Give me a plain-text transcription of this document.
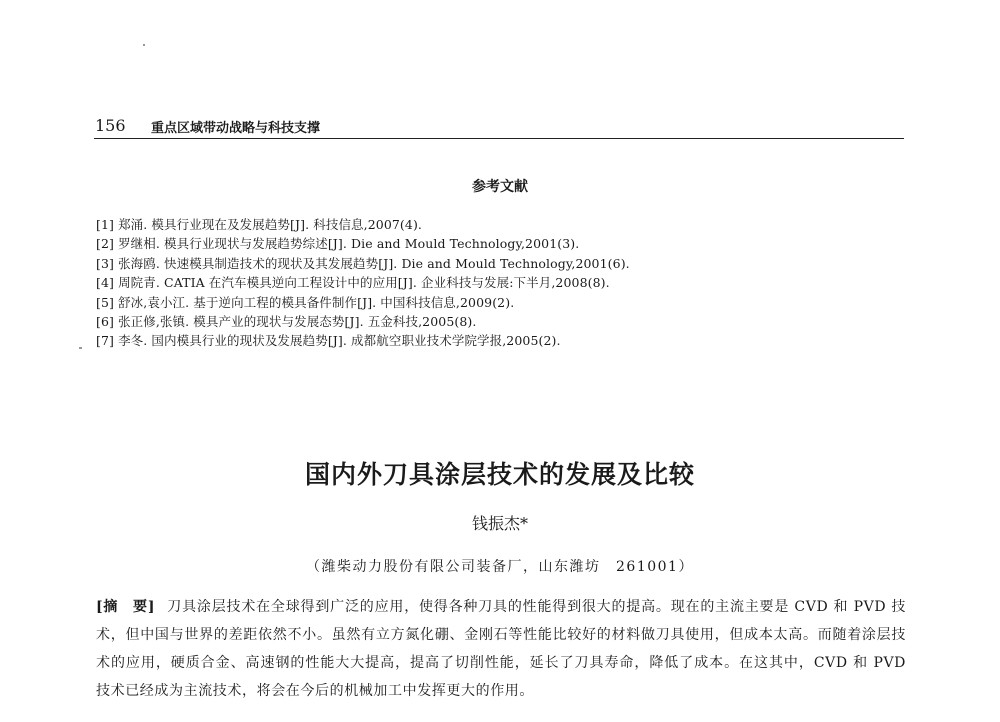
156 重点区域带动战略与科技支撑
参考文献
[1] 郑涌. 模具行业现在及发展趋势[J]. 科技信息,2007(4).
[2] 罗继相. 模具行业现状与发展趋势综述[J]. Die and Mould Technology,2001(3).
[3] 张海鸥. 快速模具制造技术的现状及其发展趋势[J]. Die and Mould Technology,2001(6).
[4] 周院青. CATIA 在汽车模具逆向工程设计中的应用[J]. 企业科技与发展:下半月,2008(8).
[5] 舒冰,袁小江. 基于逆向工程的模具备件制作[J]. 中国科技信息,2009(2).
[6] 张正修,张镇. 模具产业的现状与发展态势[J]. 五金科技,2005(8).
[7] 李冬. 国内模具行业的现状及发展趋势[J]. 成都航空职业技术学院学报,2005(2).
国内外刀具涂层技术的发展及比较
钱振杰*
（潍柴动力股份有限公司装备厂，山东潍坊　261001）

[摘　要] 刀具涂层技术在全球得到广泛的应用，使得各种刀具的性能得到很大的提高。现在的主流主要是 CVD 和 PVD 技术，但中国与世界的差距依然不小。虽然有立方氮化硼、金刚石等性能比较好的材料做刀具使用，但成本太高。而随着涂层技术的应用，硬质合金、高速钢的性能大大提高，提高了切削性能，延长了刀具寿命，降低了成本。在这其中，CVD 和 PVD 技术已经成为主流技术，将会在今后的机械加工中发挥更大的作用。
